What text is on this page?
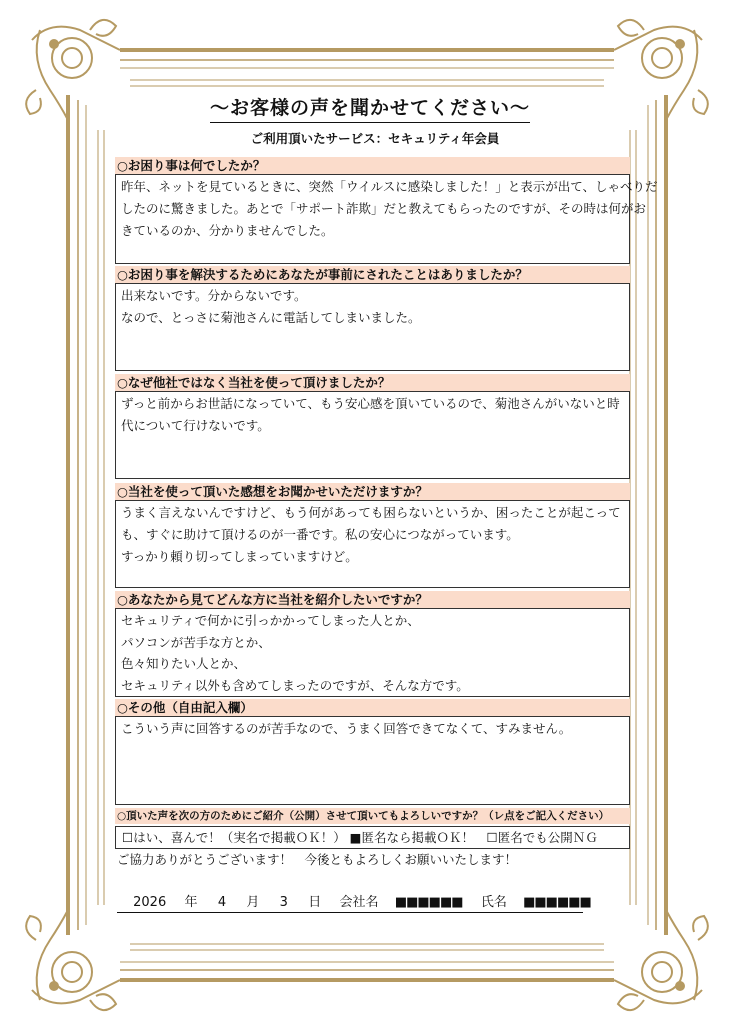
～お客様の声を聞かせてください～
ご利用頂いたサービス：セキュリティ年会員
○お困り事は何でしたか？
昨年、ネットを見ているときに、突然「ウイルスに感染しました！」と表示が出て、しゃべりだ
したのに驚きました。あとで「サポート詐欺」だと教えてもらったのですが、その時は何がお
きているのか、分かりませんでした。
○お困り事を解決するためにあなたが事前にされたことはありましたか？
出来ないです。分からないです。
なので、とっさに菊池さんに電話してしまいました。
○なぜ他社ではなく当社を使って頂けましたか？
ずっと前からお世話になっていて、もう安心感を頂いているので、菊池さんがいないと時
代について行けないです。
○当社を使って頂いた感想をお聞かせいただけますか？
うまく言えないんですけど、もう何があっても困らないというか、困ったことが起こって
も、すぐに助けて頂けるのが一番です。私の安心につながっています。
すっかり頼り切ってしまっていますけど。
○あなたから見てどんな方に当社を紹介したいですか？
セキュリティで何かに引っかかってしまった人とか、
パソコンが苦手な方とか、
色々知りたい人とか、
セキュリティ以外も含めてしまったのですが、そんな方です。
○その他（自由記入欄）
こういう声に回答するのが苦手なので、うまく回答できてなくて、すみません。
○頂いた声を次の方のためにご紹介（公開）させて頂いてもよろしいですか？（レ点をご記入ください）
☐はい、喜んで！（実名で掲載ＯＫ！） ■匿名なら掲載ＯＫ！　☐匿名でも公開ＮＧ
ご協力ありがとうございます！　今後ともよろしくお願いいたします！
2026 年 4 月 3 日 会社名 ■■■■■■ 氏名 ■■■■■■
